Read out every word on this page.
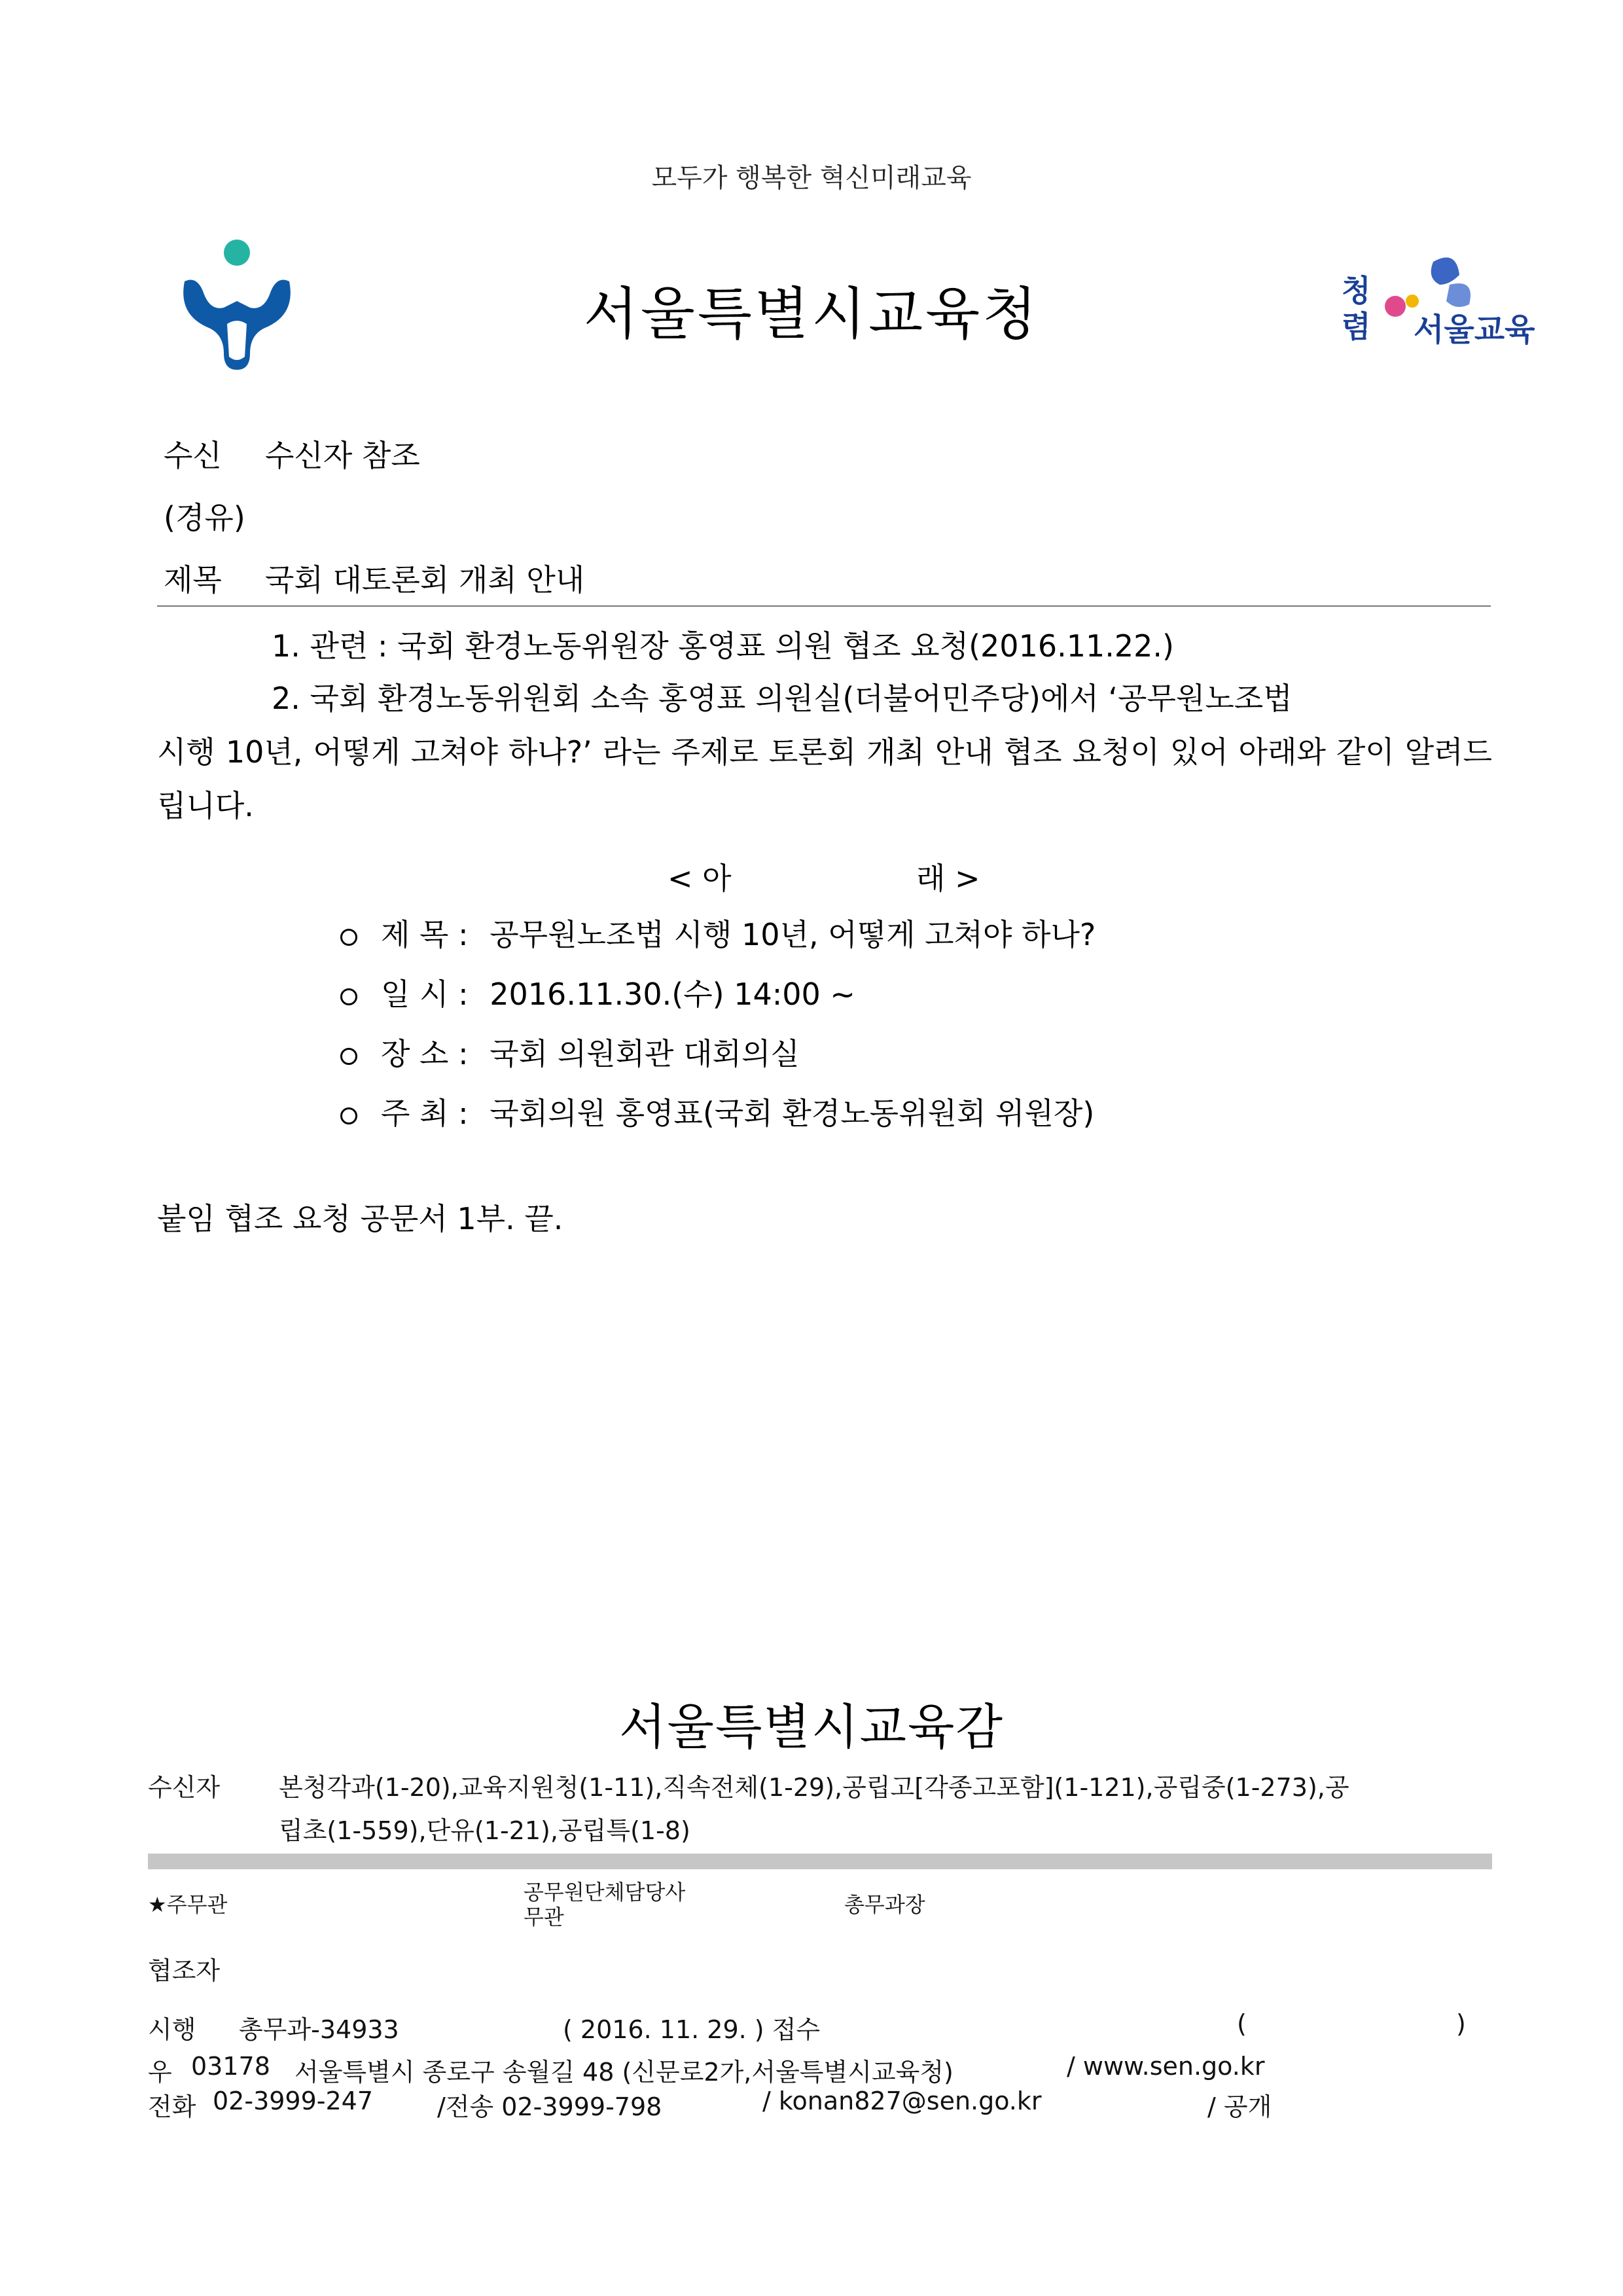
모두가 행복한 혁신미래교육
서울특별시교육청	청
렴 서울교육
수신 수신자 참조
(경유)
제목 국회 대토론회 개최 안내
1. 관련 : 국회 환경노동위원장 홍영표 의원 협조 요청(2016.11.22.)
2. 국회 환경노동위원회 소속 홍영표 의원실(더불어민주당)에서 ‘공무원노조법
시행 10년, 어떻게 고쳐야 하나?’ 라는 주제로 토론회 개최 안내 협조 요청이 있어 아래와 같이 알려드립니다.
< 아	래 >
제 목 : 공무원노조법 시행 10년, 어떻게 고쳐야 하나?
일 시 : 2016.11.30.(수) 14:00 ~
장 소 : 국회 의원회관 대회의실
주 최 : 국회의원 홍영표(국회 환경노동위원회 위원장)
붙임 협조 요청 공문서 1부. 끝.
서울특별시교육감
수신자 본청각과(1-20),교육지원청(1-11),직속전체(1-29),공립고[각종고포함](1-121),공립중(1-273),공
립초(1-559),단유(1-21),공립특(1-8)
★주무관	공무원단체담당사
무관	총무과장
협조자
시행 총무과-34933	( 2016. 11. 29. ) 접수	(	)
우 03178 서울특별시 종로구 송월길 48 (신문로2가,서울특별시교육청)	/ www.sen.go.kr
전화 02-3999-247	/전송 02-3999-798	/ konan827@sen.go.kr	/ 공개
